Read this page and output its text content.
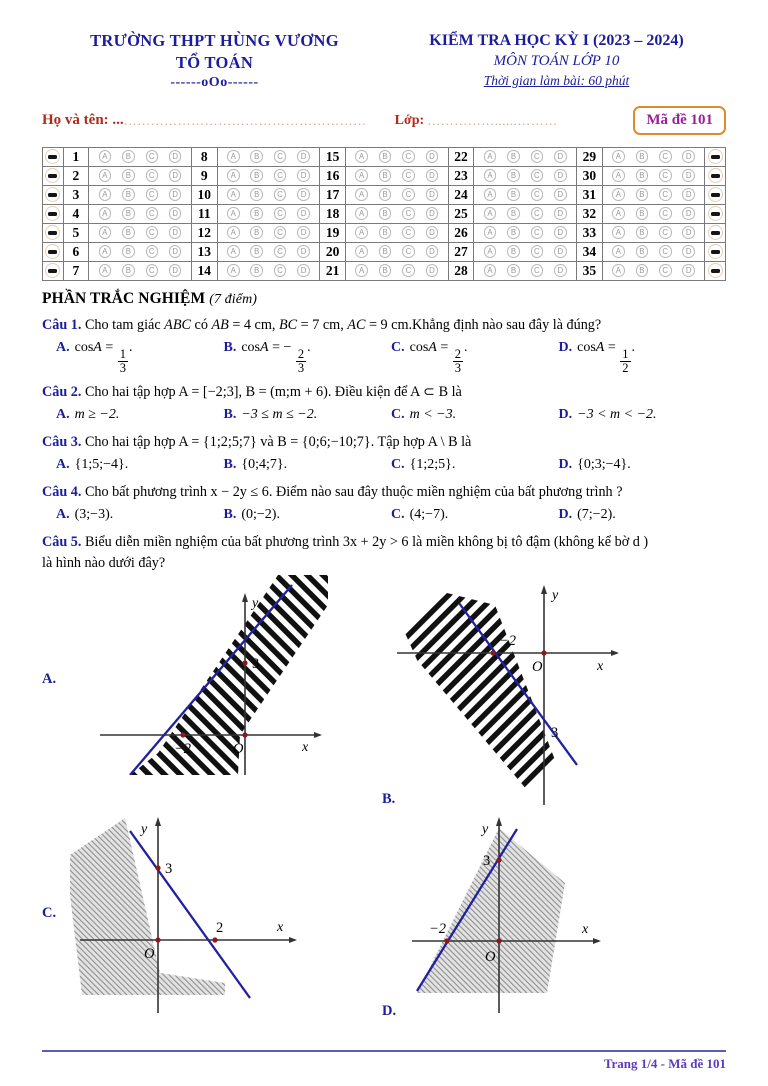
TRƯỜNG THPT HÙNG VƯƠNG
TỔ TOÁN
------oOo------
KIỂM TRA HỌC KỲ I (2023 – 2024)
MÔN TOÁN LỚP 10
Thời gian làm bài: 60 phút
Họ và tên: ... ………………………………………………	Lớp: ……………......………	Mã đề 101
	1	A B C D	8	A B C D	15	A B C D	22	A B C D	29	A B C D	

	2	A B C D	9	A B C D	16	A B C D	23	A B C D	30	A B C D	

	3	A B C D	10	A B C D	17	A B C D	24	A B C D	31	A B C D	

	4	A B C D	11	A B C D	18	A B C D	25	A B C D	32	A B C D	

	5	A B C D	12	A B C D	19	A B C D	26	A B C D	33	A B C D	

	6	A B C D	13	A B C D	20	A B C D	27	A B C D	34	A B C D	

	7	A B C D	14	A B C D	21	A B C D	28	A B C D	35	A B C D	

PHẦN TRẮC NGHIỆM (7 điểm)
Câu 1. Cho tam giác ABC có AB = 4 cm, BC = 7 cm, AC = 9 cm.Khẳng định nào sau đây là đúng?
A. cosA =
$\frac{1}{3}$
.	B. cosA = −
$\frac{2}{3}$
.	C. cosA =
$\frac{2}{3}$
.	D. cosA =
$\frac{1}{2}$
.
Câu 2. Cho hai tập hợp A = [−2;3], B = (m;m + 6). Điều kiện để A ⊂ B là
A. m ≥ −2.	B. −3 ≤ m ≤ −2.	C. m < −3.	D. −3 < m < −2.
Câu 3. Cho hai tập hợp A = {1;2;5;7} và B = {0;6;−10;7}. Tập hợp A \ B là
A. {1;5;−4}.	B. {0;4;7}.	C. {1;2;5}.	D. {0;3;−4}.
Câu 4. Cho bất phương trình x − 2y ≤ 6. Điểm nào sau đây thuộc miền nghiệm của bất phương trình ?
A. (3;−3).	B. (0;−2).	C. (4;−7).	D. (7;−2).
Câu 5. Biểu diễn miền nghiệm của bất phương trình 3x + 2y > 6 là miền không bị tô đậm (không kể bờ d )
là hình nào dưới đây?
A.
−2
3
O	x
y
B.
−2
3
O	x
y
C.
3
2
O
x
y
D.
−2
3
O
x
y
Trang 1/4 - Mã đề 101
